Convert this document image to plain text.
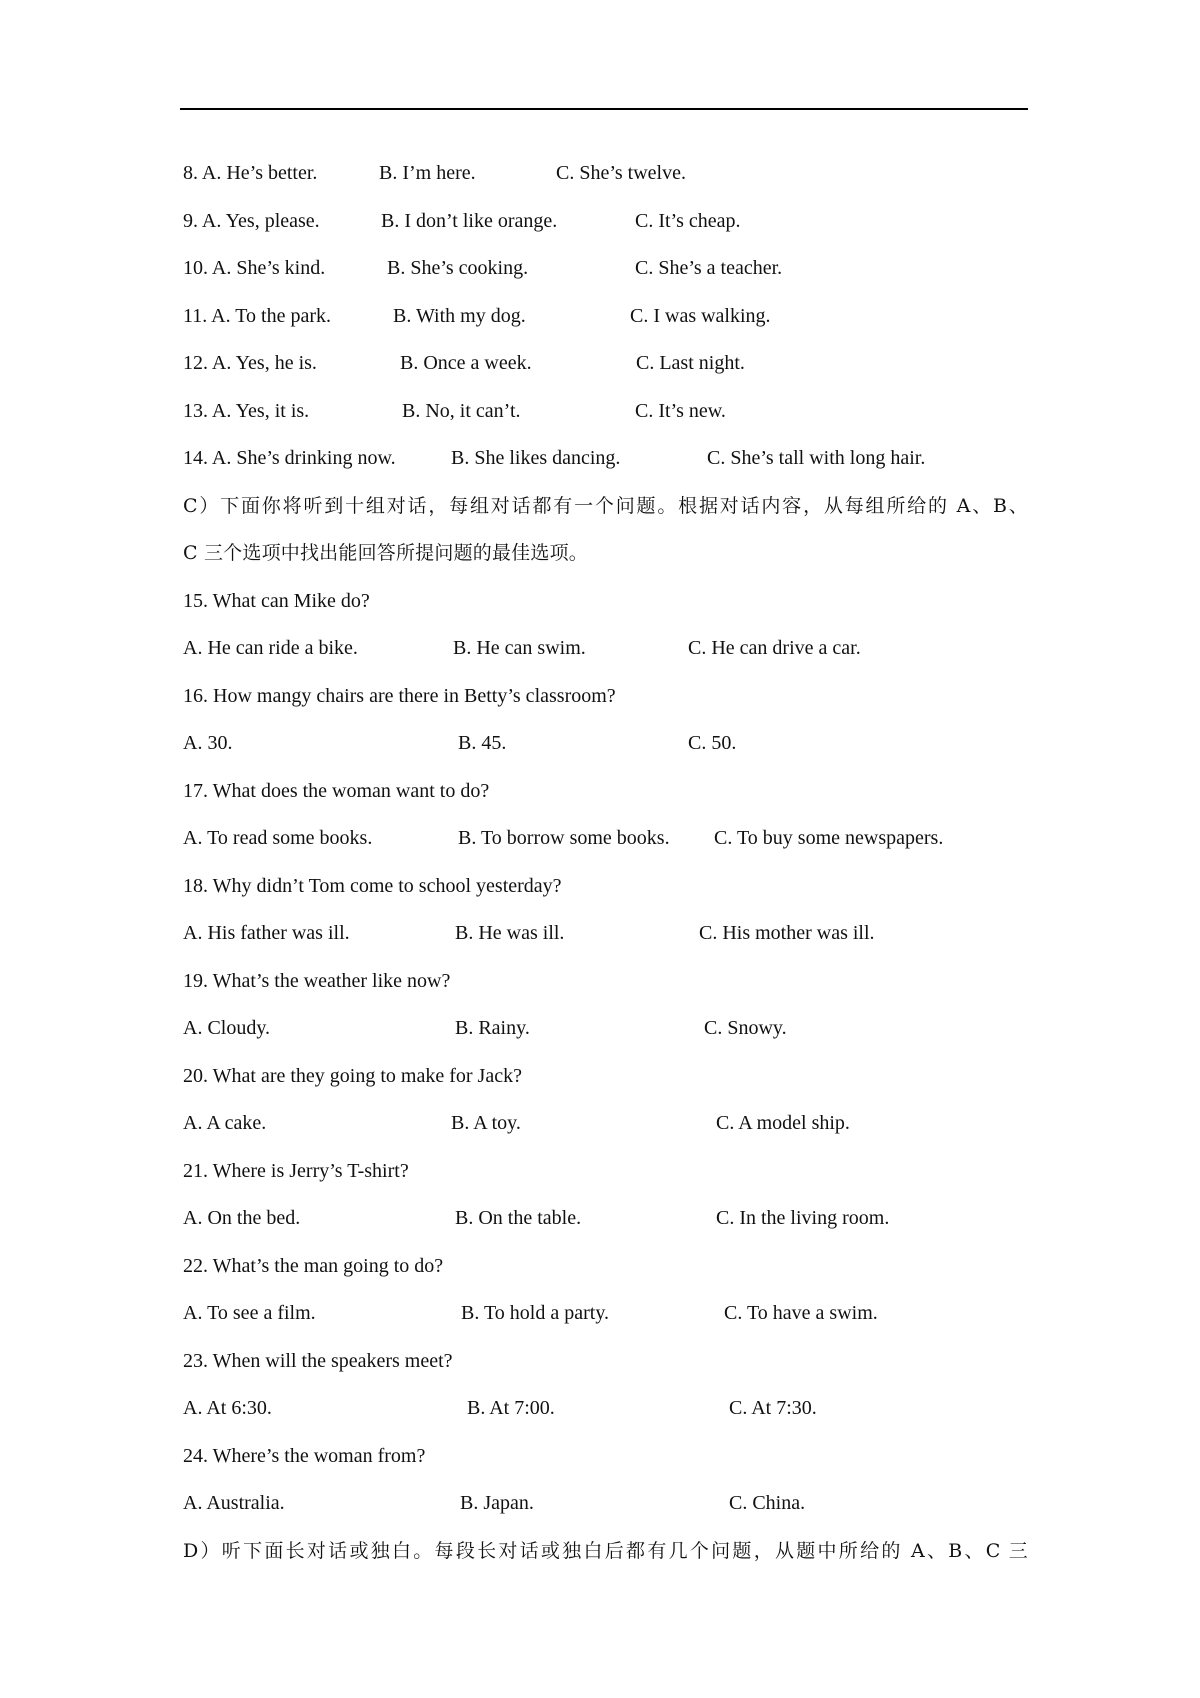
8. A. He’s better.	B. I’m here.	C. She’s twelve.
9. A. Yes, please.	B. I don’t like orange.	C. It’s cheap.
10. A. She’s kind.	B. She’s cooking.	C. She’s a teacher.
11. A. To the park.	B. With my dog.	C. I was walking.
12. A. Yes, he is.	B. Once a week.	C. Last night.
13. A. Yes, it is.	B. No, it can’t.	C. It’s new.
14. A. She’s drinking now.	B. She likes dancing.	C. She’s tall with long hair.
C）下面你将听到十组对话，每组对话都有一个问题。根据对话内容，从每组所给的 A、B、
C 三个选项中找出能回答所提问题的最佳选项。
15. What can Mike do?
A. He can ride a bike.	B. He can swim.	C. He can drive a car.
16. How mangy chairs are there in Betty’s classroom?
A. 30.	B. 45.	C. 50.
17. What does the woman want to do?
A. To read some books.	B. To borrow some books. C. To buy some newspapers.
18. Why didn’t Tom come to school yesterday?
A. His father was ill.	B. He was ill.	C. His mother was ill.
19. What’s the weather like now?
A. Cloudy.	B. Rainy.	C. Snowy.
20. What are they going to make for Jack?
A. A cake.	B. A toy.	C. A model ship.
21. Where is Jerry’s T-shirt?
A. On the bed.	B. On the table.	C. In the living room.
22. What’s the man going to do?
A. To see a film.	B. To hold a party.	C. To have a swim.
23. When will the speakers meet?
A. At 6:30.	B. At 7:00.	C. At 7:30.
24. Where’s the woman from?
A. Australia.	B. Japan.	C. China.
D）听下面长对话或独白。每段长对话或独白后都有几个问题，从题中所给的 A、B、C 三
